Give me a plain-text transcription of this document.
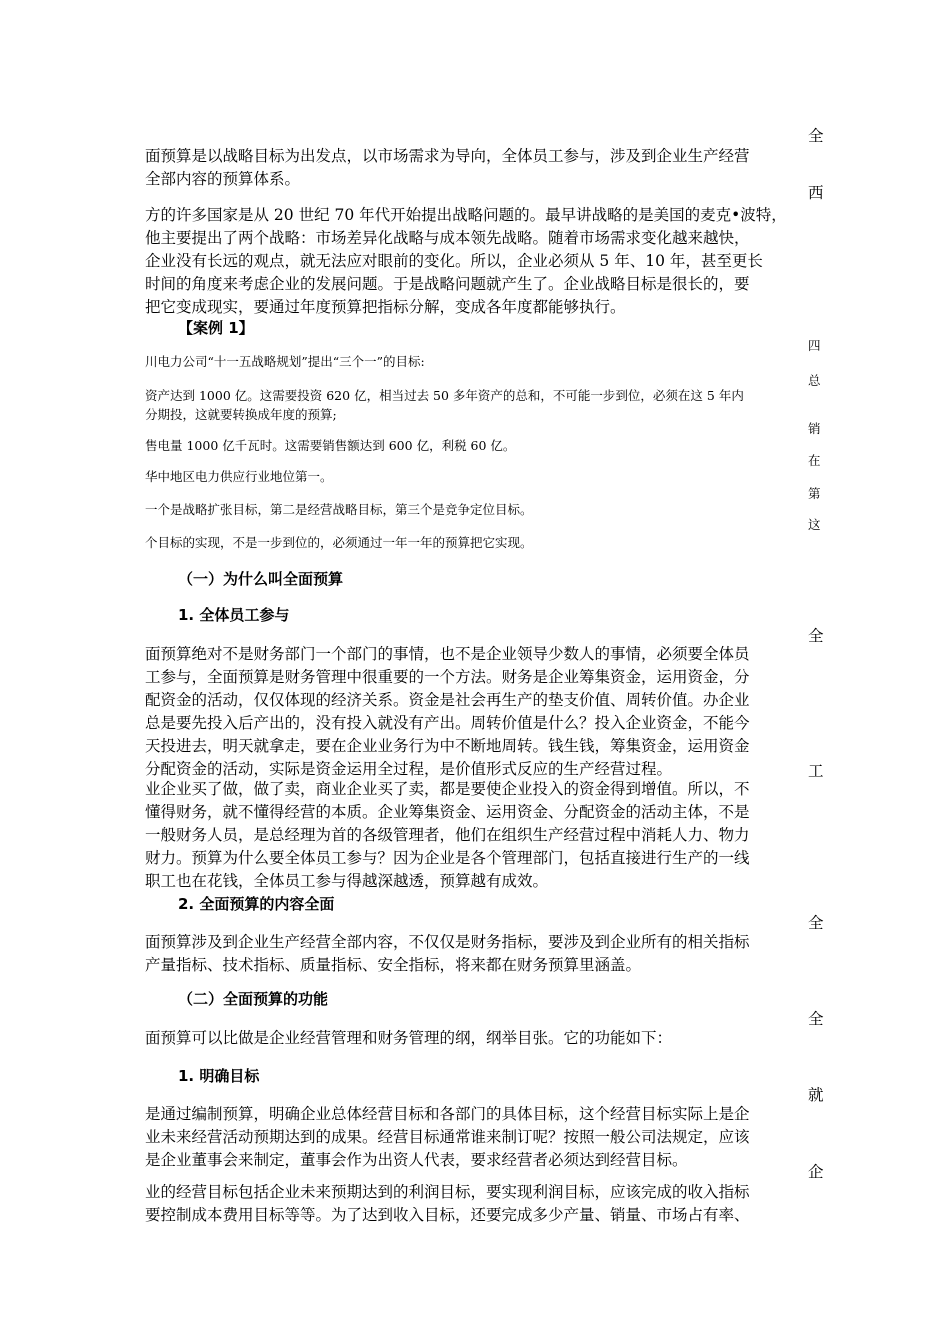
全
西
四
总
销
在
第
这
全
工
全
全
就
企
面预算是以战略目标为出发点，以市场需求为导向，全体员工参与，涉及到企业生产经营
全部内容的预算体系。
方的许多国家是从 20 世纪 70 年代开始提出战略问题的。最早讲战略的是美国的麦克•波特，
他主要提出了两个战略：市场差异化战略与成本领先战略。随着市场需求变化越来越快，
企业没有长远的观点，就无法应对眼前的变化。所以，企业必须从 5 年、10 年，甚至更长
时间的角度来考虑企业的发展问题。于是战略问题就产生了。企业战略目标是很长的，要
把它变成现实，要通过年度预算把指标分解，变成各年度都能够执行。
【案例 1】
川电力公司“十一五战略规划”提出“三个一”的目标:
资产达到 1000 亿。这需要投资 620 亿，相当过去 50 多年资产的总和，不可能一步到位，必须在这 5 年内
分期投，这就要转换成年度的预算;
售电量 1000 亿千瓦时。这需要销售额达到 600 亿，利税 60 亿。
华中地区电力供应行业地位第一。
一个是战略扩张目标，第二是经营战略目标，第三个是竞争定位目标。
个目标的实现，不是一步到位的，必须通过一年一年的预算把它实现。
（一）为什么叫全面预算
1. 全体员工参与
面预算绝对不是财务部门一个部门的事情，也不是企业领导少数人的事情，必须要全体员
工参与，全面预算是财务管理中很重要的一个方法。财务是企业筹集资金，运用资金，分
配资金的活动，仅仅体现的经济关系。资金是社会再生产的垫支价值、周转价值。办企业
总是要先投入后产出的，没有投入就没有产出。周转价值是什么？投入企业资金，不能今
天投进去，明天就拿走，要在企业业务行为中不断地周转。钱生钱，筹集资金，运用资金
分配资金的活动，实际是资金运用全过程，是价值形式反应的生产经营过程。
业企业买了做，做了卖，商业企业买了卖，都是要使企业投入的资金得到增值。所以，不
懂得财务，就不懂得经营的本质。企业筹集资金、运用资金、分配资金的活动主体，不是
一般财务人员，是总经理为首的各级管理者，他们在组织生产经营过程中消耗人力、物力
财力。预算为什么要全体员工参与？因为企业是各个管理部门，包括直接进行生产的一线
职工也在花钱，全体员工参与得越深越透，预算越有成效。
2. 全面预算的内容全面
面预算涉及到企业生产经营全部内容，不仅仅是财务指标，要涉及到企业所有的相关指标
产量指标、技术指标、质量指标、安全指标，将来都在财务预算里涵盖。
（二）全面预算的功能
面预算可以比做是企业经营管理和财务管理的纲，纲举目张。它的功能如下：
1. 明确目标
是通过编制预算，明确企业总体经营目标和各部门的具体目标，这个经营目标实际上是企
业未来经营活动预期达到的成果。经营目标通常谁来制订呢？按照一般公司法规定，应该
是企业董事会来制定，董事会作为出资人代表，要求经营者必须达到经营目标。
业的经营目标包括企业未来预期达到的利润目标，要实现利润目标，应该完成的收入指标
要控制成本费用目标等等。为了达到收入目标，还要完成多少产量、销量、市场占有率、
